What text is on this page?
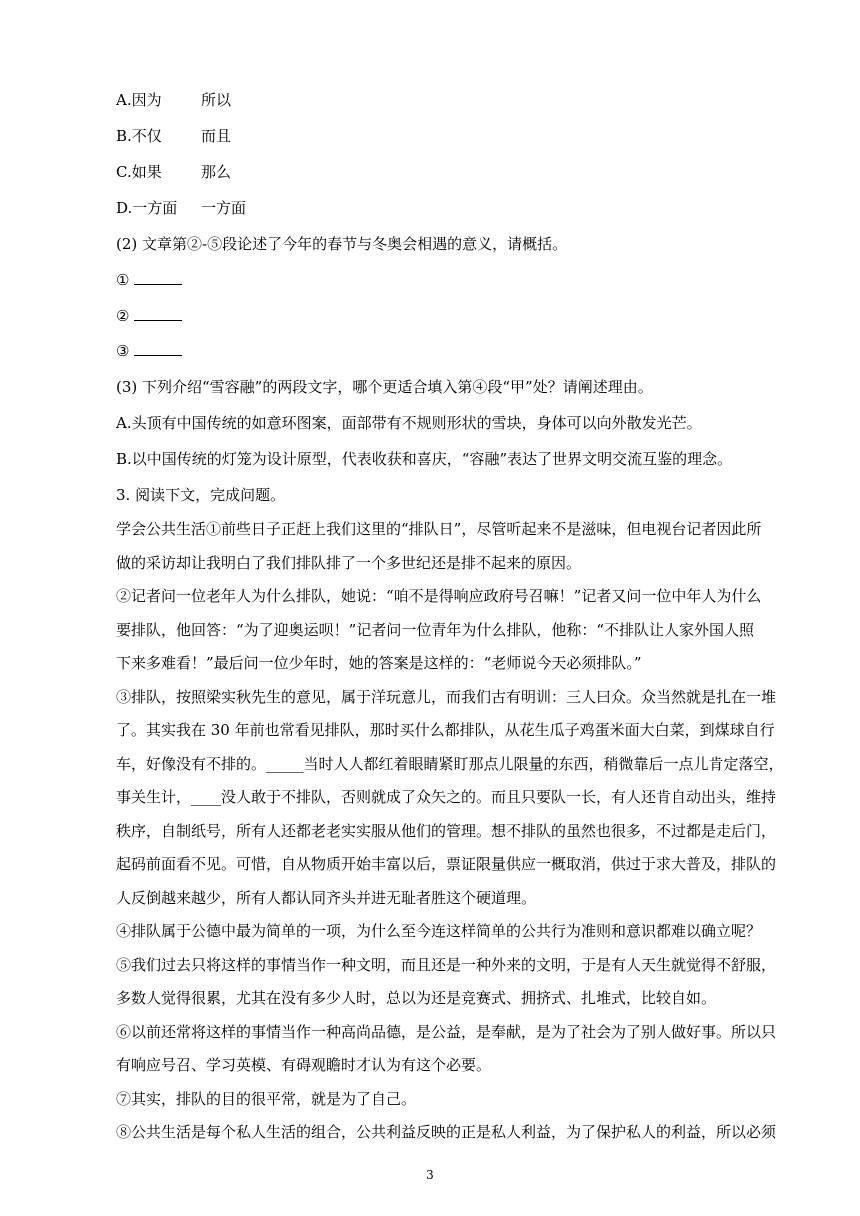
A.因为	所以
B.不仅	而且
C.如果	那么
D.一方面 一方面
(2) 文章第②-⑤段论述了今年的春节与冬奥会相遇的意义，请概括。
①
②
③
(3) 下列介绍“雪容融”的两段文字，哪个更适合填入第④段“甲”处？请阐述理由。
A.头顶有中国传统的如意环图案，面部带有不规则形状的雪块，身体可以向外散发光芒。
B.以中国传统的灯笼为设计原型，代表收获和喜庆，“容融”表达了世界文明交流互鉴的理念。
3. 阅读下文，完成问题。
学会公共生活①前些日子正赶上我们这里的“排队日”，尽管听起来不是滋味，但电视台记者因此所
做的采访却让我明白了我们排队排了一个多世纪还是排不起来的原因。
②记者问一位老年人为什么排队，她说：“咱不是得响应政府号召嘛！”记者又问一位中年人为什么
要排队，他回答：“为了迎奥运呗！”记者问一位青年为什么排队，他称：“不排队让人家外国人照
下来多难看！”最后问一位少年时，她的答案是这样的：“老师说今天必须排队。”
③排队，按照梁实秋先生的意见，属于洋玩意儿，而我们古有明训：三人曰众。众当然就是扎在一堆
了。其实我在 30 年前也常看见排队，那时买什么都排队，从花生瓜子鸡蛋米面大白菜，到煤球自行
车，好像没有不排的。_____当时人人都红着眼睛紧盯那点儿限量的东西，稍微靠后一点儿肯定落空，
事关生计，____没人敢于不排队，否则就成了众矢之的。而且只要队一长，有人还肯自动出头，维持
秩序，自制纸号，所有人还都老老实实服从他们的管理。想不排队的虽然也很多，不过都是走后门，
起码前面看不见。可惜，自从物质开始丰富以后，票证限量供应一概取消，供过于求大普及，排队的
人反倒越来越少，所有人都认同齐头并进无耻者胜这个硬道理。
④排队属于公德中最为简单的一项，为什么至今连这样简单的公共行为准则和意识都难以确立呢？
⑤我们过去只将这样的事情当作一种文明，而且还是一种外来的文明，于是有人天生就觉得不舒服，
多数人觉得很累，尤其在没有多少人时，总以为还是竞赛式、拥挤式、扎堆式，比较自如。
⑥以前还常将这样的事情当作一种高尚品德，是公益，是奉献，是为了社会为了别人做好事。所以只
有响应号召、学习英模、有碍观瞻时才认为有这个必要。
⑦其实，排队的目的很平常，就是为了自己。
⑧公共生活是每个私人生活的组合，公共利益反映的正是私人利益，为了保护私人的利益，所以必须
3
